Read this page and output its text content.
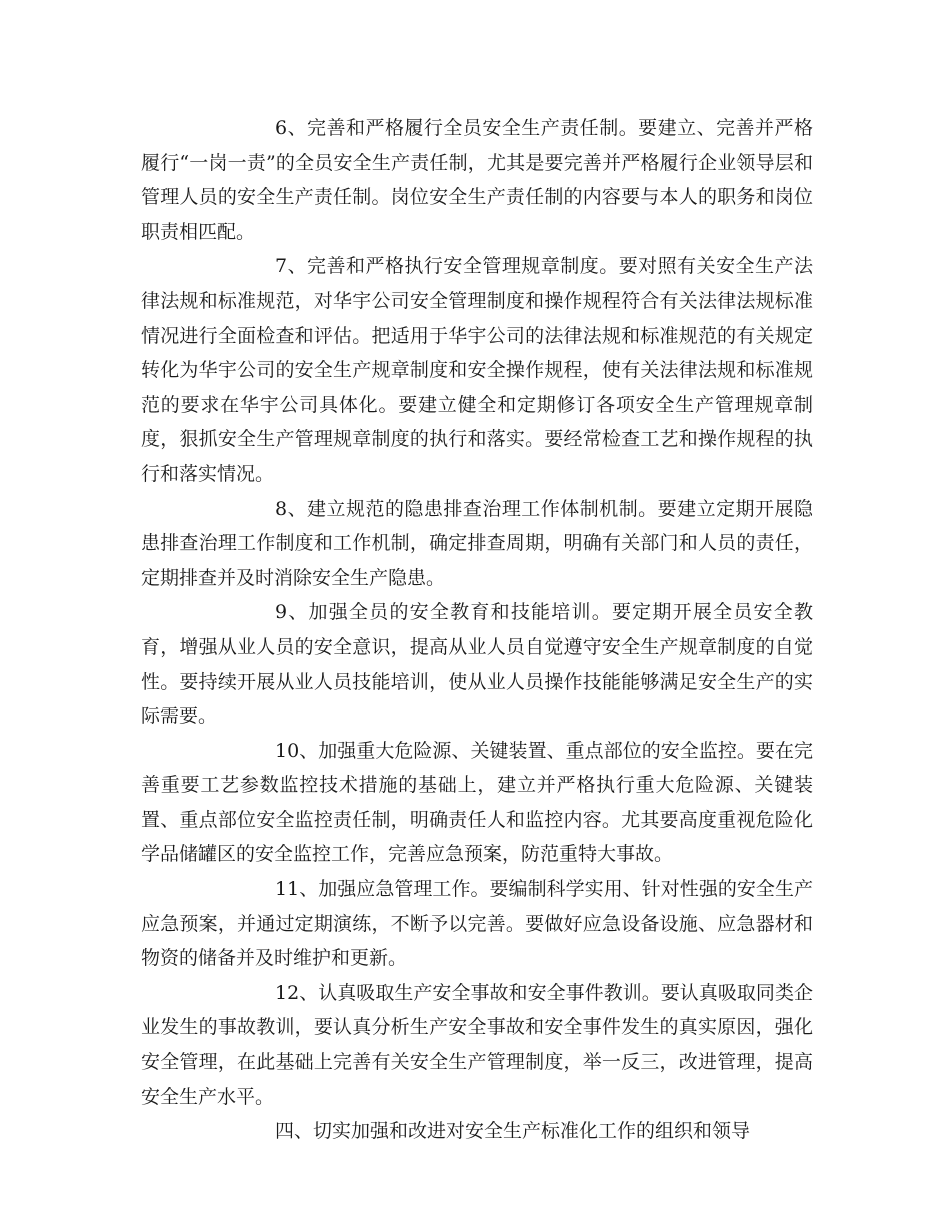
6、完善和严格履行全员安全生产责任制。要建立、完善并严格履行“一岗一责”的全员安全生产责任制，尤其是要完善并严格履行企业领导层和管理人员的安全生产责任制。岗位安全生产责任制的内容要与本人的职务和岗位职责相匹配。

7、完善和严格执行安全管理规章制度。要对照有关安全生产法律法规和标准规范，对华宇公司安全管理制度和操作规程符合有关法律法规标准情况进行全面检查和评估。把适用于华宇公司的法律法规和标准规范的有关规定转化为华宇公司的安全生产规章制度和安全操作规程，使有关法律法规和标准规范的要求在华宇公司具体化。要建立健全和定期修订各项安全生产管理规章制度，狠抓安全生产管理规章制度的执行和落实。要经常检查工艺和操作规程的执行和落实情况。

8、建立规范的隐患排查治理工作体制机制。要建立定期开展隐患排查治理工作制度和工作机制，确定排查周期，明确有关部门和人员的责任，定期排查并及时消除安全生产隐患。

9、加强全员的安全教育和技能培训。要定期开展全员安全教育，增强从业人员的安全意识，提高从业人员自觉遵守安全生产规章制度的自觉性。要持续开展从业人员技能培训，使从业人员操作技能能够满足安全生产的实际需要。

10、加强重大危险源、关键装置、重点部位的安全监控。要在完善重要工艺参数监控技术措施的基础上，建立并严格执行重大危险源、关键装置、重点部位安全监控责任制，明确责任人和监控内容。尤其要高度重视危险化学品储罐区的安全监控工作，完善应急预案，防范重特大事故。

11、加强应急管理工作。要编制科学实用、针对性强的安全生产应急预案，并通过定期演练，不断予以完善。要做好应急设备设施、应急器材和物资的储备并及时维护和更新。

12、认真吸取生产安全事故和安全事件教训。要认真吸取同类企业发生的事故教训，要认真分析生产安全事故和安全事件发生的真实原因，强化安全管理，在此基础上完善有关安全生产管理制度，举一反三，改进管理，提高安全生产水平。

四、切实加强和改进对安全生产标准化工作的组织和领导
